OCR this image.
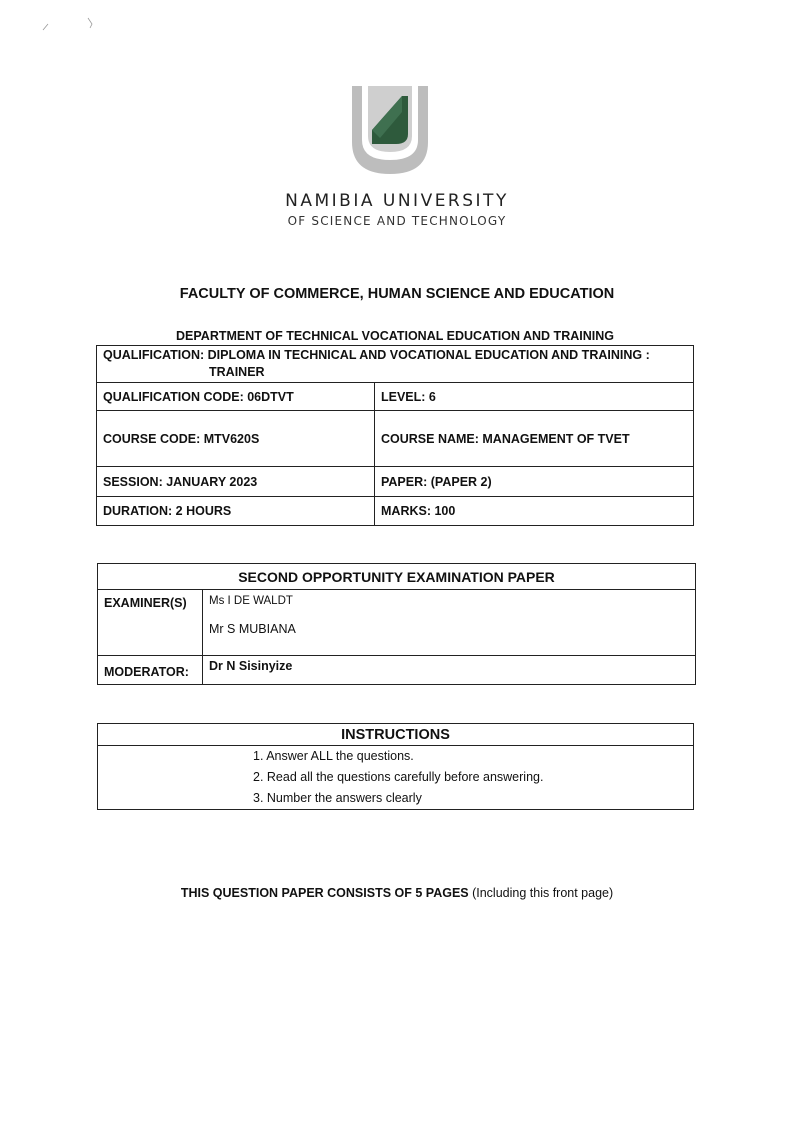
NAMIBIA UNIVERSITY
OF SCIENCE AND TECHNOLOGY
FACULTY OF COMMERCE, HUMAN SCIENCE AND EDUCATION
DEPARTMENT OF TECHNICAL VOCATIONAL EDUCATION AND TRAINING
QUALIFICATION: DIPLOMA IN TECHNICAL AND VOCATIONAL EDUCATION AND TRAINING :
TRAINER	

QUALIFICATION CODE: 06DTVT	LEVEL: 6
COURSE CODE: MTV620S	COURSE NAME: MANAGEMENT OF TVET
SESSION: JANUARY 2023	PAPER: (PAPER 2)
DURATION: 2 HOURS	MARKS: 100
SECOND OPPORTUNITY EXAMINATION PAPER	
EXAMINER(S)	Ms I DE WALDT
Mr S MUBIANA

MODERATOR:	Dr N Sisinyize
INSTRUCTIONS

1. Answer ALL the questions.
2. Read all the questions carefully before answering.
3. Number the answers clearly
THIS QUESTION PAPER CONSISTS OF 5 PAGES (Including this front page)
